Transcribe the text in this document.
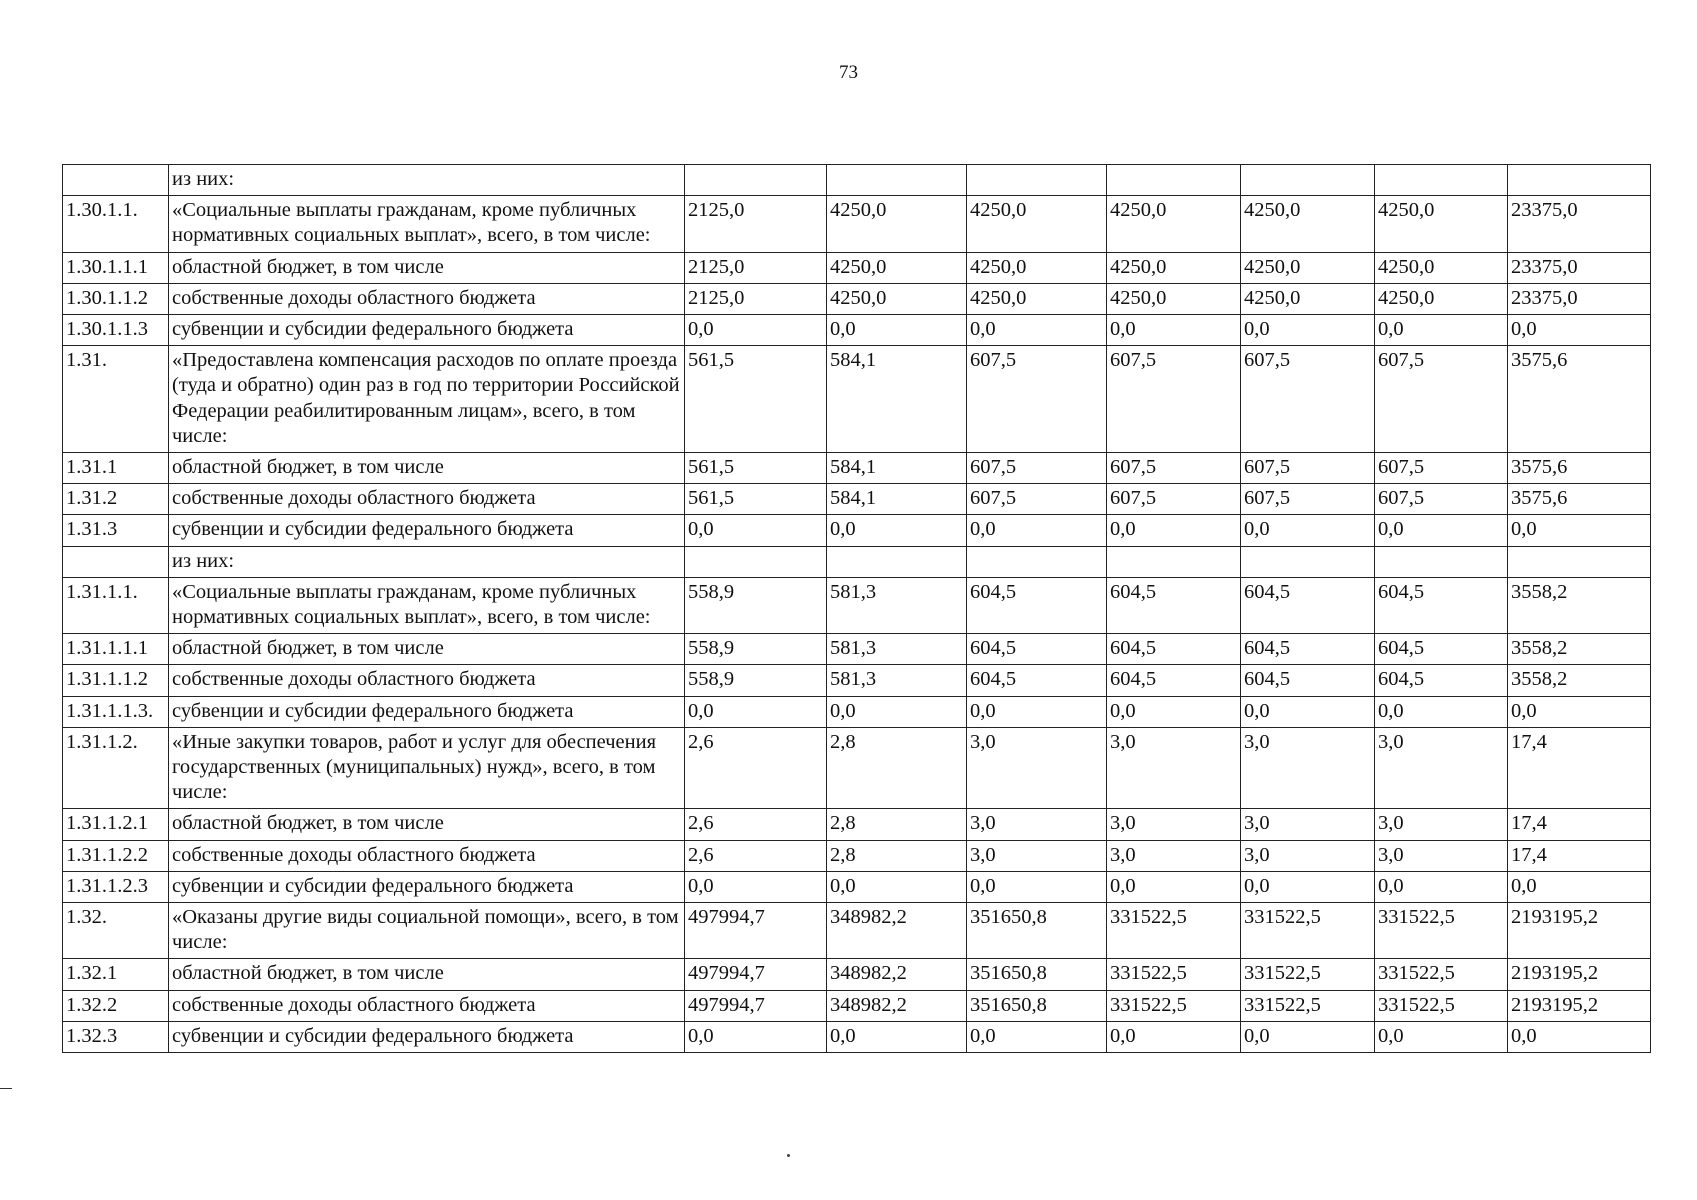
73
	из них:							
1.30.1.1.	«Социальные выплаты гражданам, кроме публичных нормативных социальных выплат», всего, в том числе:	2125,0	4250,0	4250,0	4250,0	4250,0	4250,0	23375,0
1.30.1.1.1	областной бюджет, в том числе	2125,0	4250,0	4250,0	4250,0	4250,0	4250,0	23375,0
1.30.1.1.2	собственные доходы областного бюджета	2125,0	4250,0	4250,0	4250,0	4250,0	4250,0	23375,0
1.30.1.1.3	субвенции и субсидии федерального бюджета	0,0	0,0	0,0	0,0	0,0	0,0	0,0
1.31.	«Предоставлена компенсация расходов по оплате проезда (туда и обратно) один раз в год по территории Российской Федерации реабилитированным лицам», всего, в том числе:	561,5	584,1	607,5	607,5	607,5	607,5	3575,6
1.31.1	областной бюджет, в том числе	561,5	584,1	607,5	607,5	607,5	607,5	3575,6
1.31.2	собственные доходы областного бюджета	561,5	584,1	607,5	607,5	607,5	607,5	3575,6
1.31.3	субвенции и субсидии федерального бюджета	0,0	0,0	0,0	0,0	0,0	0,0	0,0
	из них:							
1.31.1.1.	«Социальные выплаты гражданам, кроме публичных нормативных социальных выплат», всего, в том числе:	558,9	581,3	604,5	604,5	604,5	604,5	3558,2
1.31.1.1.1	областной бюджет, в том числе	558,9	581,3	604,5	604,5	604,5	604,5	3558,2
1.31.1.1.2	собственные доходы областного бюджета	558,9	581,3	604,5	604,5	604,5	604,5	3558,2
1.31.1.1.3.	субвенции и субсидии федерального бюджета	0,0	0,0	0,0	0,0	0,0	0,0	0,0
1.31.1.2.	«Иные закупки товаров, работ и услуг для обеспечения государственных (муниципальных) нужд», всего, в том числе:	2,6	2,8	3,0	3,0	3,0	3,0	17,4
1.31.1.2.1	областной бюджет, в том числе	2,6	2,8	3,0	3,0	3,0	3,0	17,4
1.31.1.2.2	собственные доходы областного бюджета	2,6	2,8	3,0	3,0	3,0	3,0	17,4
1.31.1.2.3	субвенции и субсидии федерального бюджета	0,0	0,0	0,0	0,0	0,0	0,0	0,0
1.32.	«Оказаны другие виды социальной помощи», всего, в том числе:	497994,7	348982,2	351650,8	331522,5	331522,5	331522,5	2193195,2
1.32.1	областной бюджет, в том числе	497994,7	348982,2	351650,8	331522,5	331522,5	331522,5	2193195,2
1.32.2	собственные доходы областного бюджета	497994,7	348982,2	351650,8	331522,5	331522,5	331522,5	2193195,2
1.32.3	субвенции и субсидии федерального бюджета	0,0	0,0	0,0	0,0	0,0	0,0	0,0
